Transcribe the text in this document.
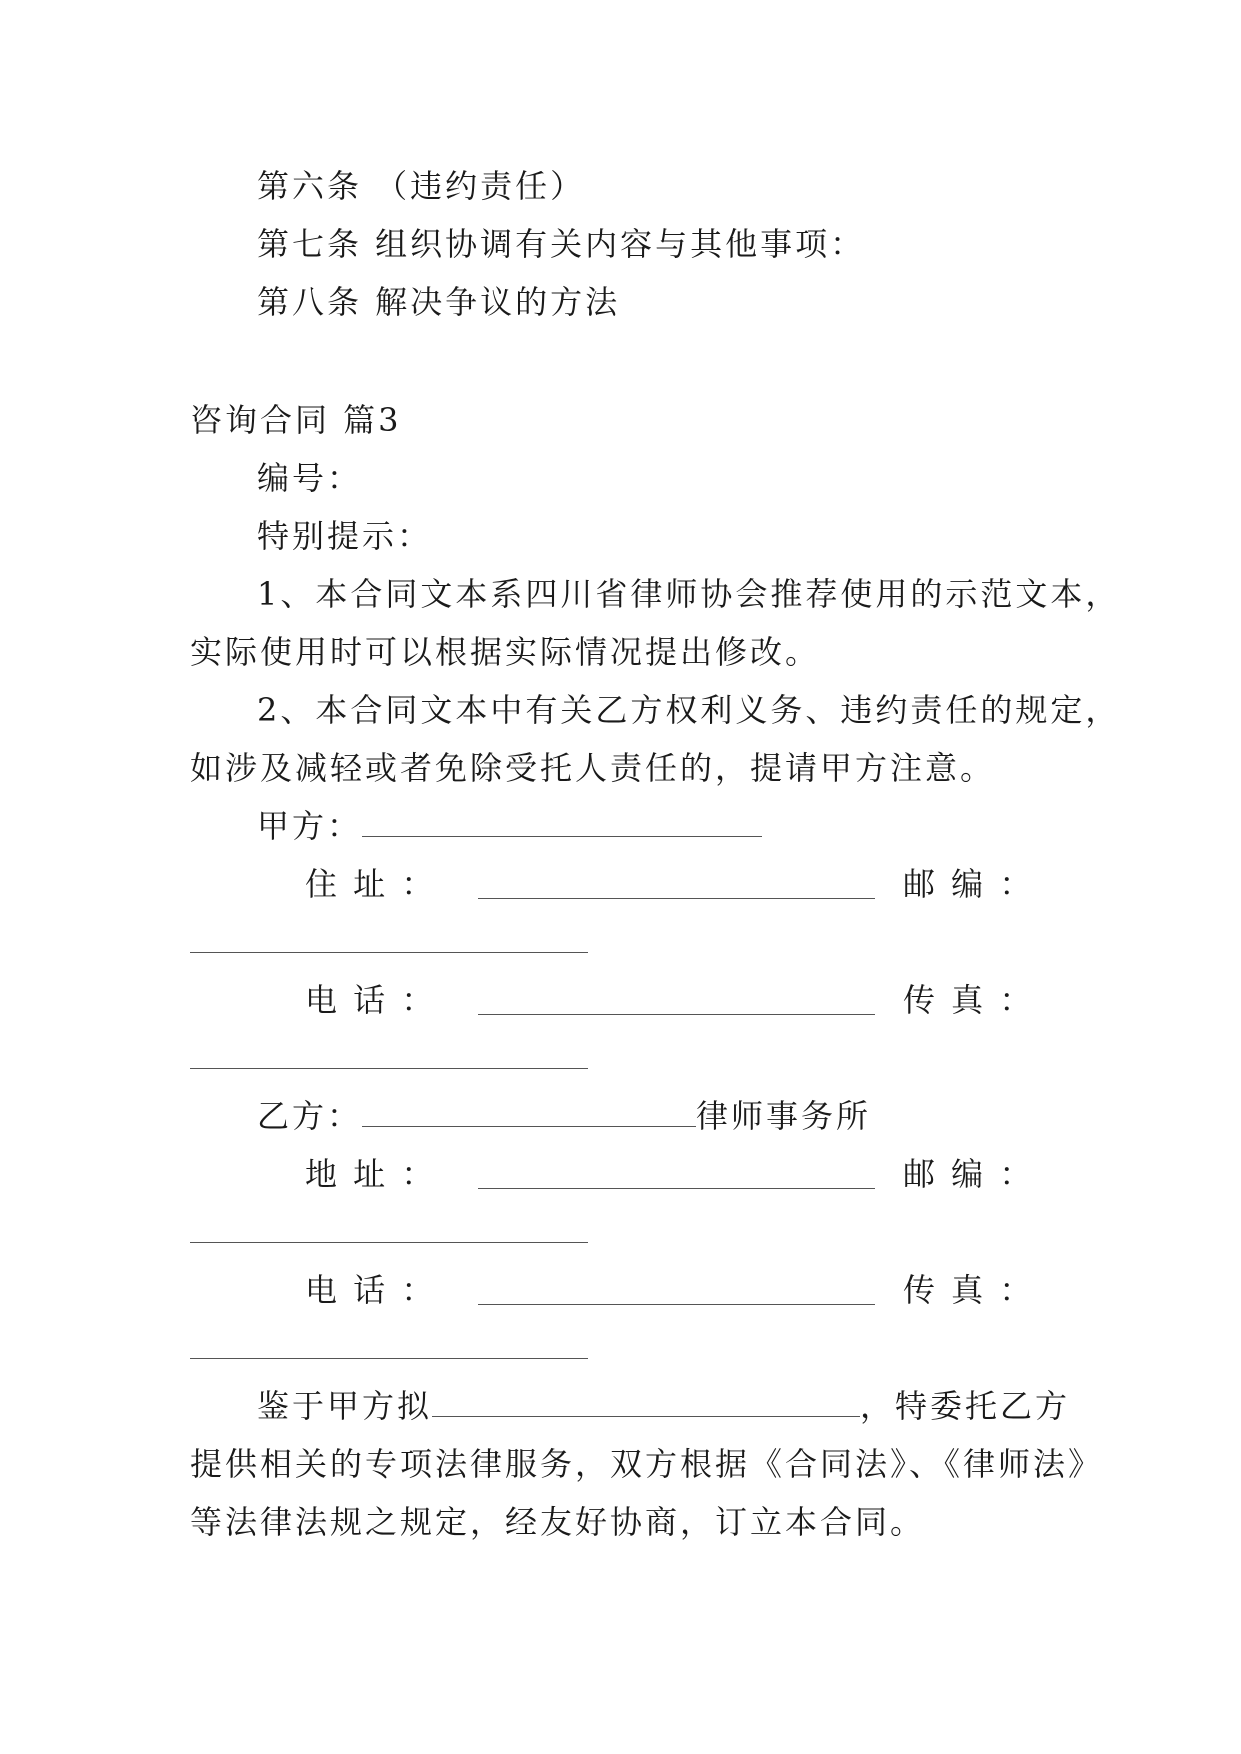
第六条 （违约责任）
第七条 组织协调有关内容与其他事项：
第八条 解决争议的方法
咨询合同 篇3
编号：
特别提示：
1、本合同文本系四川省律师协会推荐使用的示范文本，
实际使用时可以根据实际情况提出修改。
2、本合同文本中有关乙方权利义务、违约责任的规定，
如涉及减轻或者免除受托人责任的，提请甲方注意。
甲方：
住 址 ：	邮 编 ：
电 话 ：	传 真 ：
乙方：	律师事务所
地 址 ：	邮 编 ：
电 话 ：	传 真 ：
鉴于甲方拟	，特委托乙方
提供相关的专项法律服务，双方根据《合同法》、《律师法》
等法律法规之规定，经友好协商，订立本合同。
